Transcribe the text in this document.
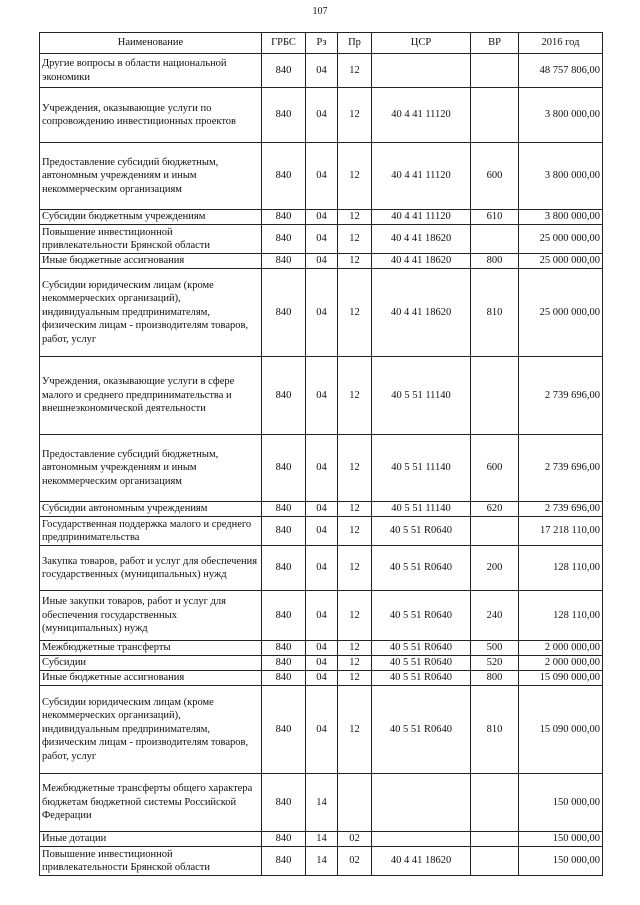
107
Наименование	ГРБС	Рз	Пр	ЦСР	ВР	2016 год
Другие вопросы в области национальной экономики	840	04	12			48 757 806,00
Учреждения, оказывающие услуги по сопровождению инвестиционных проектов	840	04	12	40 4 41 11120		3 800 000,00
Предоставление субсидий бюджетным, автономным учреждениям и иным некоммерческим организациям	840	04	12	40 4 41 11120	600	3 800 000,00
Субсидии бюджетным учреждениям	840	04	12	40 4 41 11120	610	3 800 000,00
Повышение инвестиционной привлекательности Брянской области	840	04	12	40 4 41 18620		25 000 000,00
Иные бюджетные ассигнования	840	04	12	40 4 41 18620	800	25 000 000,00
Субсидии юридическим лицам (кроме некоммерческих организаций), индивидуальным предпринимателям, физическим лицам - производителям товаров, работ, услуг	840	04	12	40 4 41 18620	810	25 000 000,00
Учреждения, оказывающие услуги в сфере малого и среднего предпринимательства и внешнеэкономической деятельности	840	04	12	40 5 51 11140		2 739 696,00
Предоставление субсидий бюджетным, автономным учреждениям и иным некоммерческим организациям	840	04	12	40 5 51 11140	600	2 739 696,00
Субсидии автономным учреждениям	840	04	12	40 5 51 11140	620	2 739 696,00
Государственная поддержка малого и среднего предпринимательства	840	04	12	40 5 51 R0640		17 218 110,00
Закупка товаров, работ и услуг для обеспечения государственных (муниципальных) нужд	840	04	12	40 5 51 R0640	200	128 110,00
Иные закупки товаров, работ и услуг для обеспечения государственных (муниципальных) нужд	840	04	12	40 5 51 R0640	240	128 110,00
Межбюджетные трансферты	840	04	12	40 5 51 R0640	500	2 000 000,00
Субсидии	840	04	12	40 5 51 R0640	520	2 000 000,00
Иные бюджетные ассигнования	840	04	12	40 5 51 R0640	800	15 090 000,00
Субсидии юридическим лицам (кроме некоммерческих организаций), индивидуальным предпринимателям, физическим лицам - производителям товаров, работ, услуг	840	04	12	40 5 51 R0640	810	15 090 000,00
Межбюджетные трансферты общего характера бюджетам бюджетной системы Российской Федерации	840	14				150 000,00
Иные дотации	840	14	02			150 000,00
Повышение инвестиционной привлекательности Брянской области	840	14	02	40 4 41 18620		150 000,00
